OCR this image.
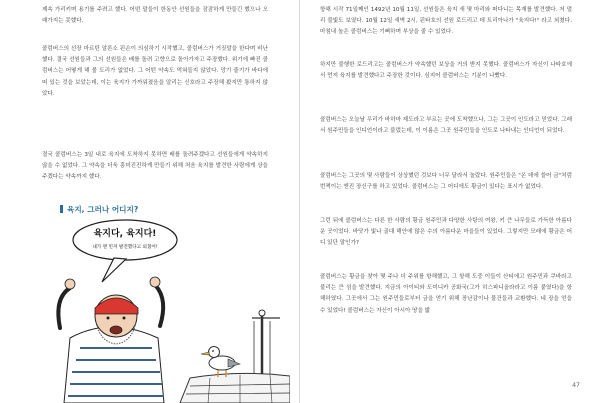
제속 가리키며 용기를 주려고 했다. 어떤 말들이 한동안 선원들을 잠잠하게 만들긴 했으나 오래가지는 못했다.

콜럼버스의 선장 마르틴 알론소 핀손이 의심하기 시작했고, 콜럼버스가 거짓말을 한다며 비난했다. 결국 선원들과 그의 선원들은 배를 돌려 고향으로 돌아가자고 주장했다. 위기에 빠진 콜럼버스는 어떻게 해 볼 도리가 없었다. 그 어떤 약속도 먹혀들지 않았다. 망기 줄기가 바다에 떠 있는 것을 보았는데, 이는 육지가 가까워졌음을 알리는 신호라고 주장해 봤지만 통하지 않았다.

결국 콜럼버스는 3일 내로 육지에 도착하지 못하면 배를 돌려주겠다고 선원들에게 약속하지 않을 수 없었다. 그 약속을 더욱 흥미진진하게 만들기 위해 처음 육지를 발견한 사람에게 상을 주겠다는 약속까지 했다.

육지, 그러나 어디지?
육지다, 육지다!
내가 맨 먼저 발견했다고 외쳤어!

항해 시작 71일째인 1492년 10월 11일, 선원들은 육지 새 몇 마리와 떠다니는 목재를 발견했다. 저 멀리 불빛도 보였다. 10월 12일 새벽 2시, 핀타호의 선원 로드리고 데 트리아나가 "육지다!" 라고 외쳤다. 마침내 높은 콜럼버스는 기뻐하며 부상을 줄 수 있었다.

하지만 불행한 로드리고는 콜럼버스가 약속했던 보상을 거의 받지 못했다. 콜럼버스가 자신이 나타호에서 먼저 육지를 발견했다고 주장한 것이다. 심지어 콜럼버스는 기분이 나빴다.

콜럼버스는 오늘날 우리가 바하마 제도라고 부르는 곳에 도착했으나, 그는 그곳이 인도라고 믿었다. 그래서 원주민들을 인디언이라고 불렀는데, 이 이름은 그곳 원주민들을 인도로 나타내는 인디언이 되었다.

콜럼버스는 그곳의 몇 사람들이 상상했던 것보다 너무 달라서 놀랐다. 원주민들은 "온 데에 쓸어 금"처럼 번쩍이는 엔진 장신구를 하고 있었다. 콜럼버스는 그 어디에도 황금이 있다는 표시가 없었다.

그런 뒤에 콜럼버스는 다른 한 사람의 황금 원주민과 다양한 사탕의 여왕, 키 큰 나무들로 가득한 아름다운 곳이었다. 바닷가 빛나 골대 해안에 많은 수의 아름다운 마을들이 있었다. 그렇지만 모래에 황금은 어디 있단 말인가?

콜럼버스는 황금을 찾아 몇 주나 더 주위를 항해했고, 그 항해 도중 이들이 산티에고 원주민과 쿠바라고 불리는 큰 섬을 발견했다. 지금의 아이티와 도미니카 공화국(그가 히스파니올라라고 이름 붙였다)을 항해하였다. 그곳에서 그는 원주민들로부터 금을 얻기 위해 장난감이나 물건들과 교환했다. 네 장을 얻을 수 있었다! 콜럼버스는 자신이 아시아 땅을 밟

47
